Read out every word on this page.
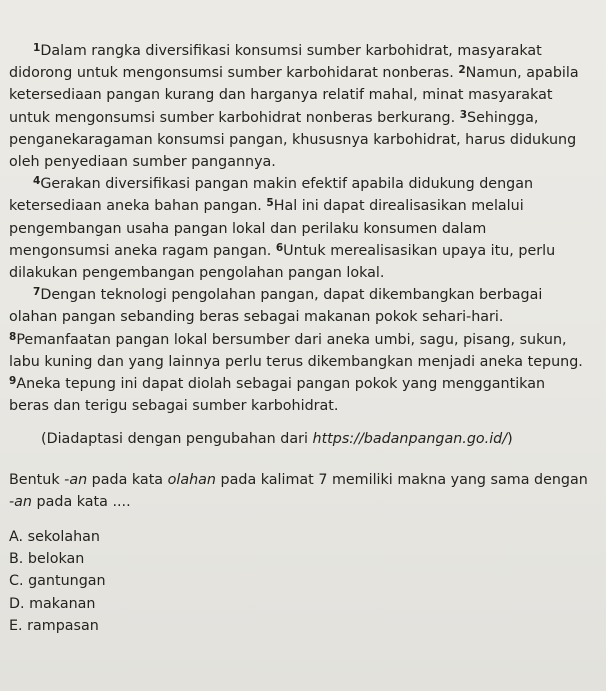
$^1$Dalam rangka diversifikasi konsumsi sumber karbohidrat, masyarakat didorong untuk mengonsumsi sumber karbohidarat nonberas. $^2$Namun, apabila ketersediaan pangan kurang dan harganya relatif mahal, minat masyarakat untuk mengonsumsi sumber karbohidrat nonberas berkurang. $^3$Sehingga, penganekaragaman konsumsi pangan, khususnya karbohidrat, harus didukung oleh penyediaan sumber pangannya.

$^4$Gerakan diversifikasi pangan makin efektif apabila didukung dengan ketersediaan aneka bahan pangan. $^5$Hal ini dapat direalisasikan melalui pengembangan usaha pangan lokal dan perilaku konsumen dalam mengonsumsi aneka ragam pangan. $^6$Untuk merealisasikan upaya itu, perlu dilakukan pengembangan pengolahan pangan lokal.

$^7$Dengan teknologi pengolahan pangan, dapat dikembangkan berbagai olahan pangan sebanding beras sebagai makanan pokok sehari-hari.

$^8$Pemanfaatan pangan lokal bersumber dari aneka umbi, sagu, pisang, sukun, labu kuning dan yang lainnya perlu terus dikembangkan menjadi aneka tepung.

$^9$Aneka tepung ini dapat diolah sebagai pangan pokok yang menggantikan beras dan terigu sebagai sumber karbohidrat.

(Diadaptasi dengan pengubahan dari https://badanpangan.go.id/)

Bentuk -an pada kata olahan pada kalimat 7 memiliki makna yang sama dengan -an pada kata ....

A. sekolahan
B. belokan
C. gantungan
D. makanan
E. rampasan
